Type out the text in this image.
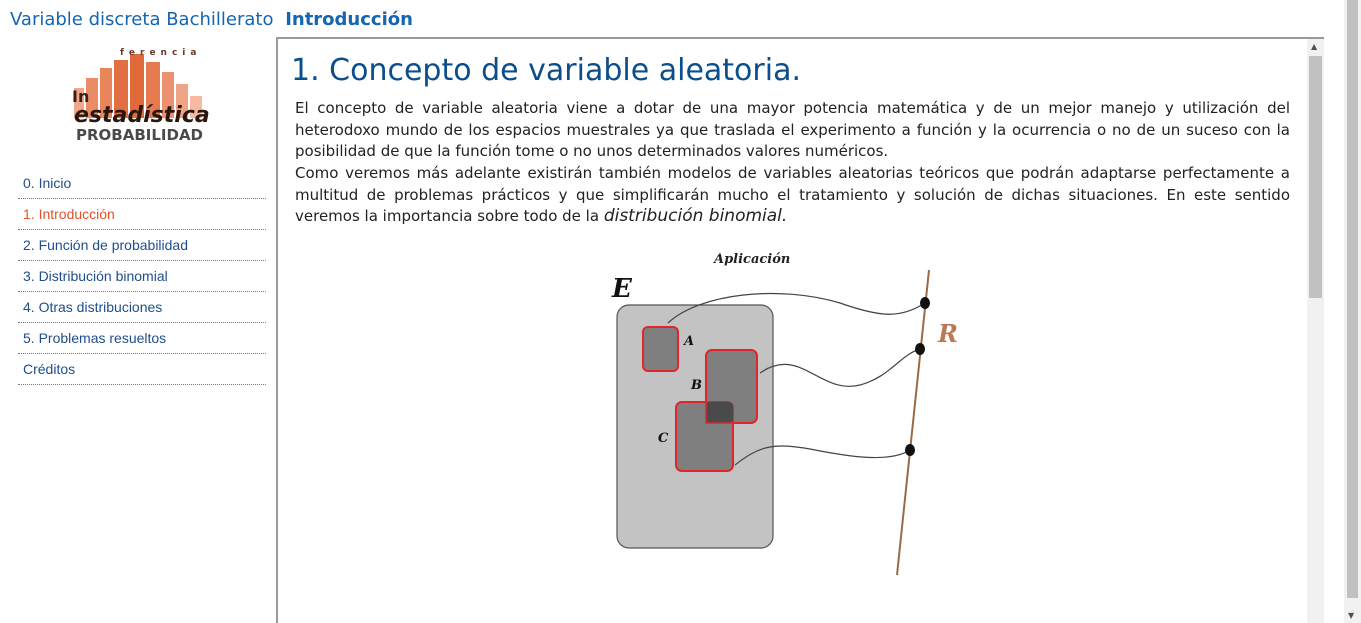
Variable discreta Bachillerato Introducción
ferencia
In
estadística
PROBABILIDAD
0. Inicio
1. Introducción
2. Función de probabilidad
3. Distribución binomial
4. Otras distribuciones
5. Problemas resueltos
Créditos
1. Concepto de variable aleatoria.

El concepto de variable aleatoria viene a dotar de una mayor potencia matemática y de un mejor manejo y utilización del heterodoxo mundo de los espacios muestrales ya que traslada el experimento a función y la ocurrencia o no de un suceso con la posibilidad de que la función tome o no unos determinados valores numéricos.

Como veremos más adelante existirán también modelos de variables aleatorias teóricos que podrán adaptarse perfectamente a multitud de problemas prácticos y que simplificarán mucho el tratamiento y solución de dichas situaciones. En este sentido veremos la importancia sobre todo de la distribución binomial.

Aplicación
E
A
B
C
R
▲
▼
